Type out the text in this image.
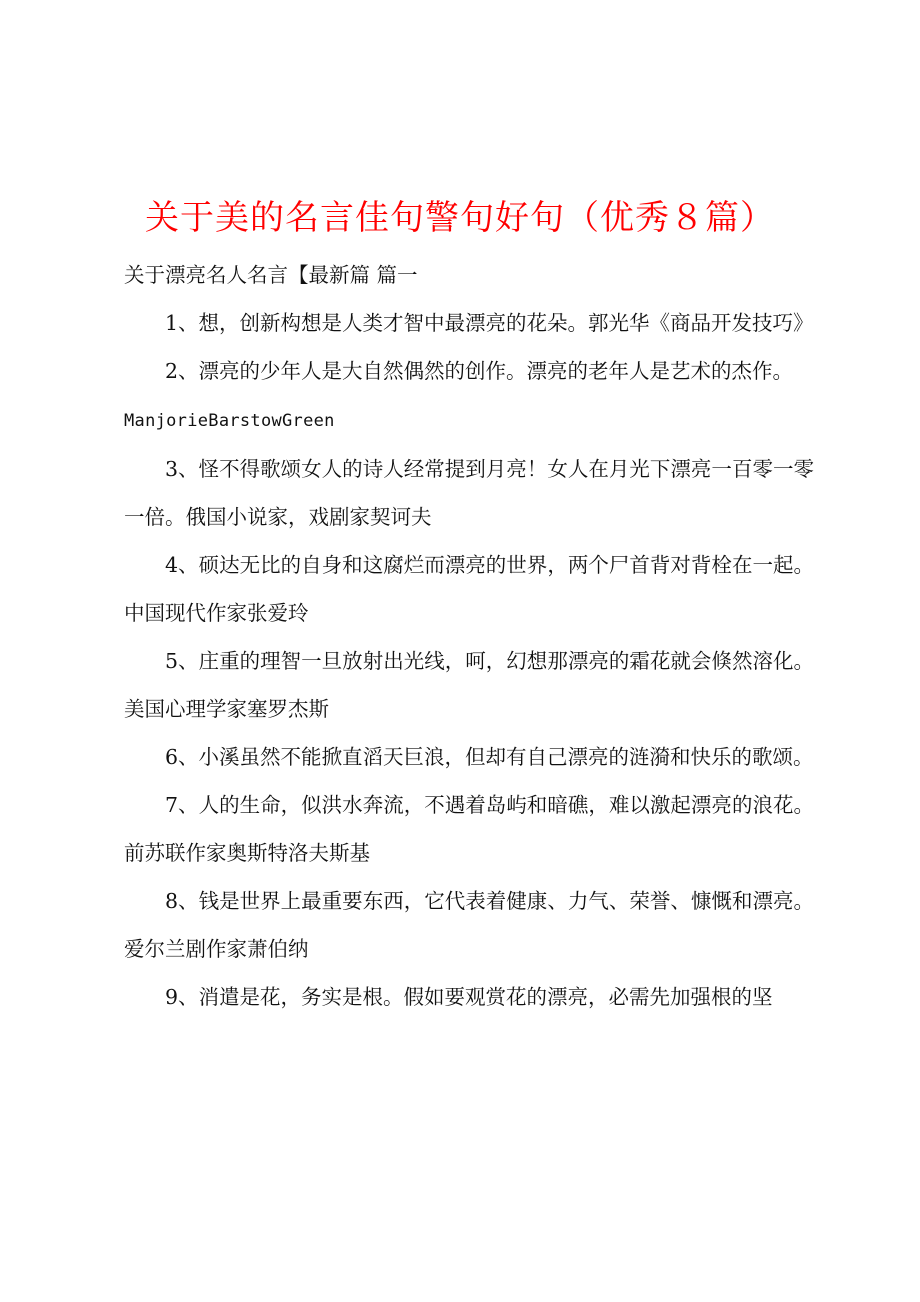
关于美的名言佳句警句好句（优秀８篇）

关于漂亮名人名言【最新篇 篇一

1、想，创新构想是人类才智中最漂亮的花朵。郭光华《商品开发技巧》

2、漂亮的少年人是大自然偶然的创作。漂亮的老年人是艺术的杰作。
ManjorieBarstowGreen

3、怪不得歌颂女人的诗人经常提到月亮！女人在月光下漂亮一百零一零一倍。俄国小说家，戏剧家契诃夫

4、硕达无比的自身和这腐烂而漂亮的世界，两个尸首背对背栓在一起。中国现代作家张爱玲

5、庄重的理智一旦放射出光线，呵，幻想那漂亮的霜花就会倏然溶化。美国心理学家塞罗杰斯

6、小溪虽然不能掀直滔天巨浪，但却有自己漂亮的涟漪和快乐的歌颂。

7、人的生命，似洪水奔流，不遇着岛屿和暗礁，难以激起漂亮的浪花。前苏联作家奥斯特洛夫斯基

8、钱是世界上最重要东西，它代表着健康、力气、荣誉、慷慨和漂亮。爱尔兰剧作家萧伯纳

9、消遣是花，务实是根。假如要观赏花的漂亮，必需先加强根的坚
